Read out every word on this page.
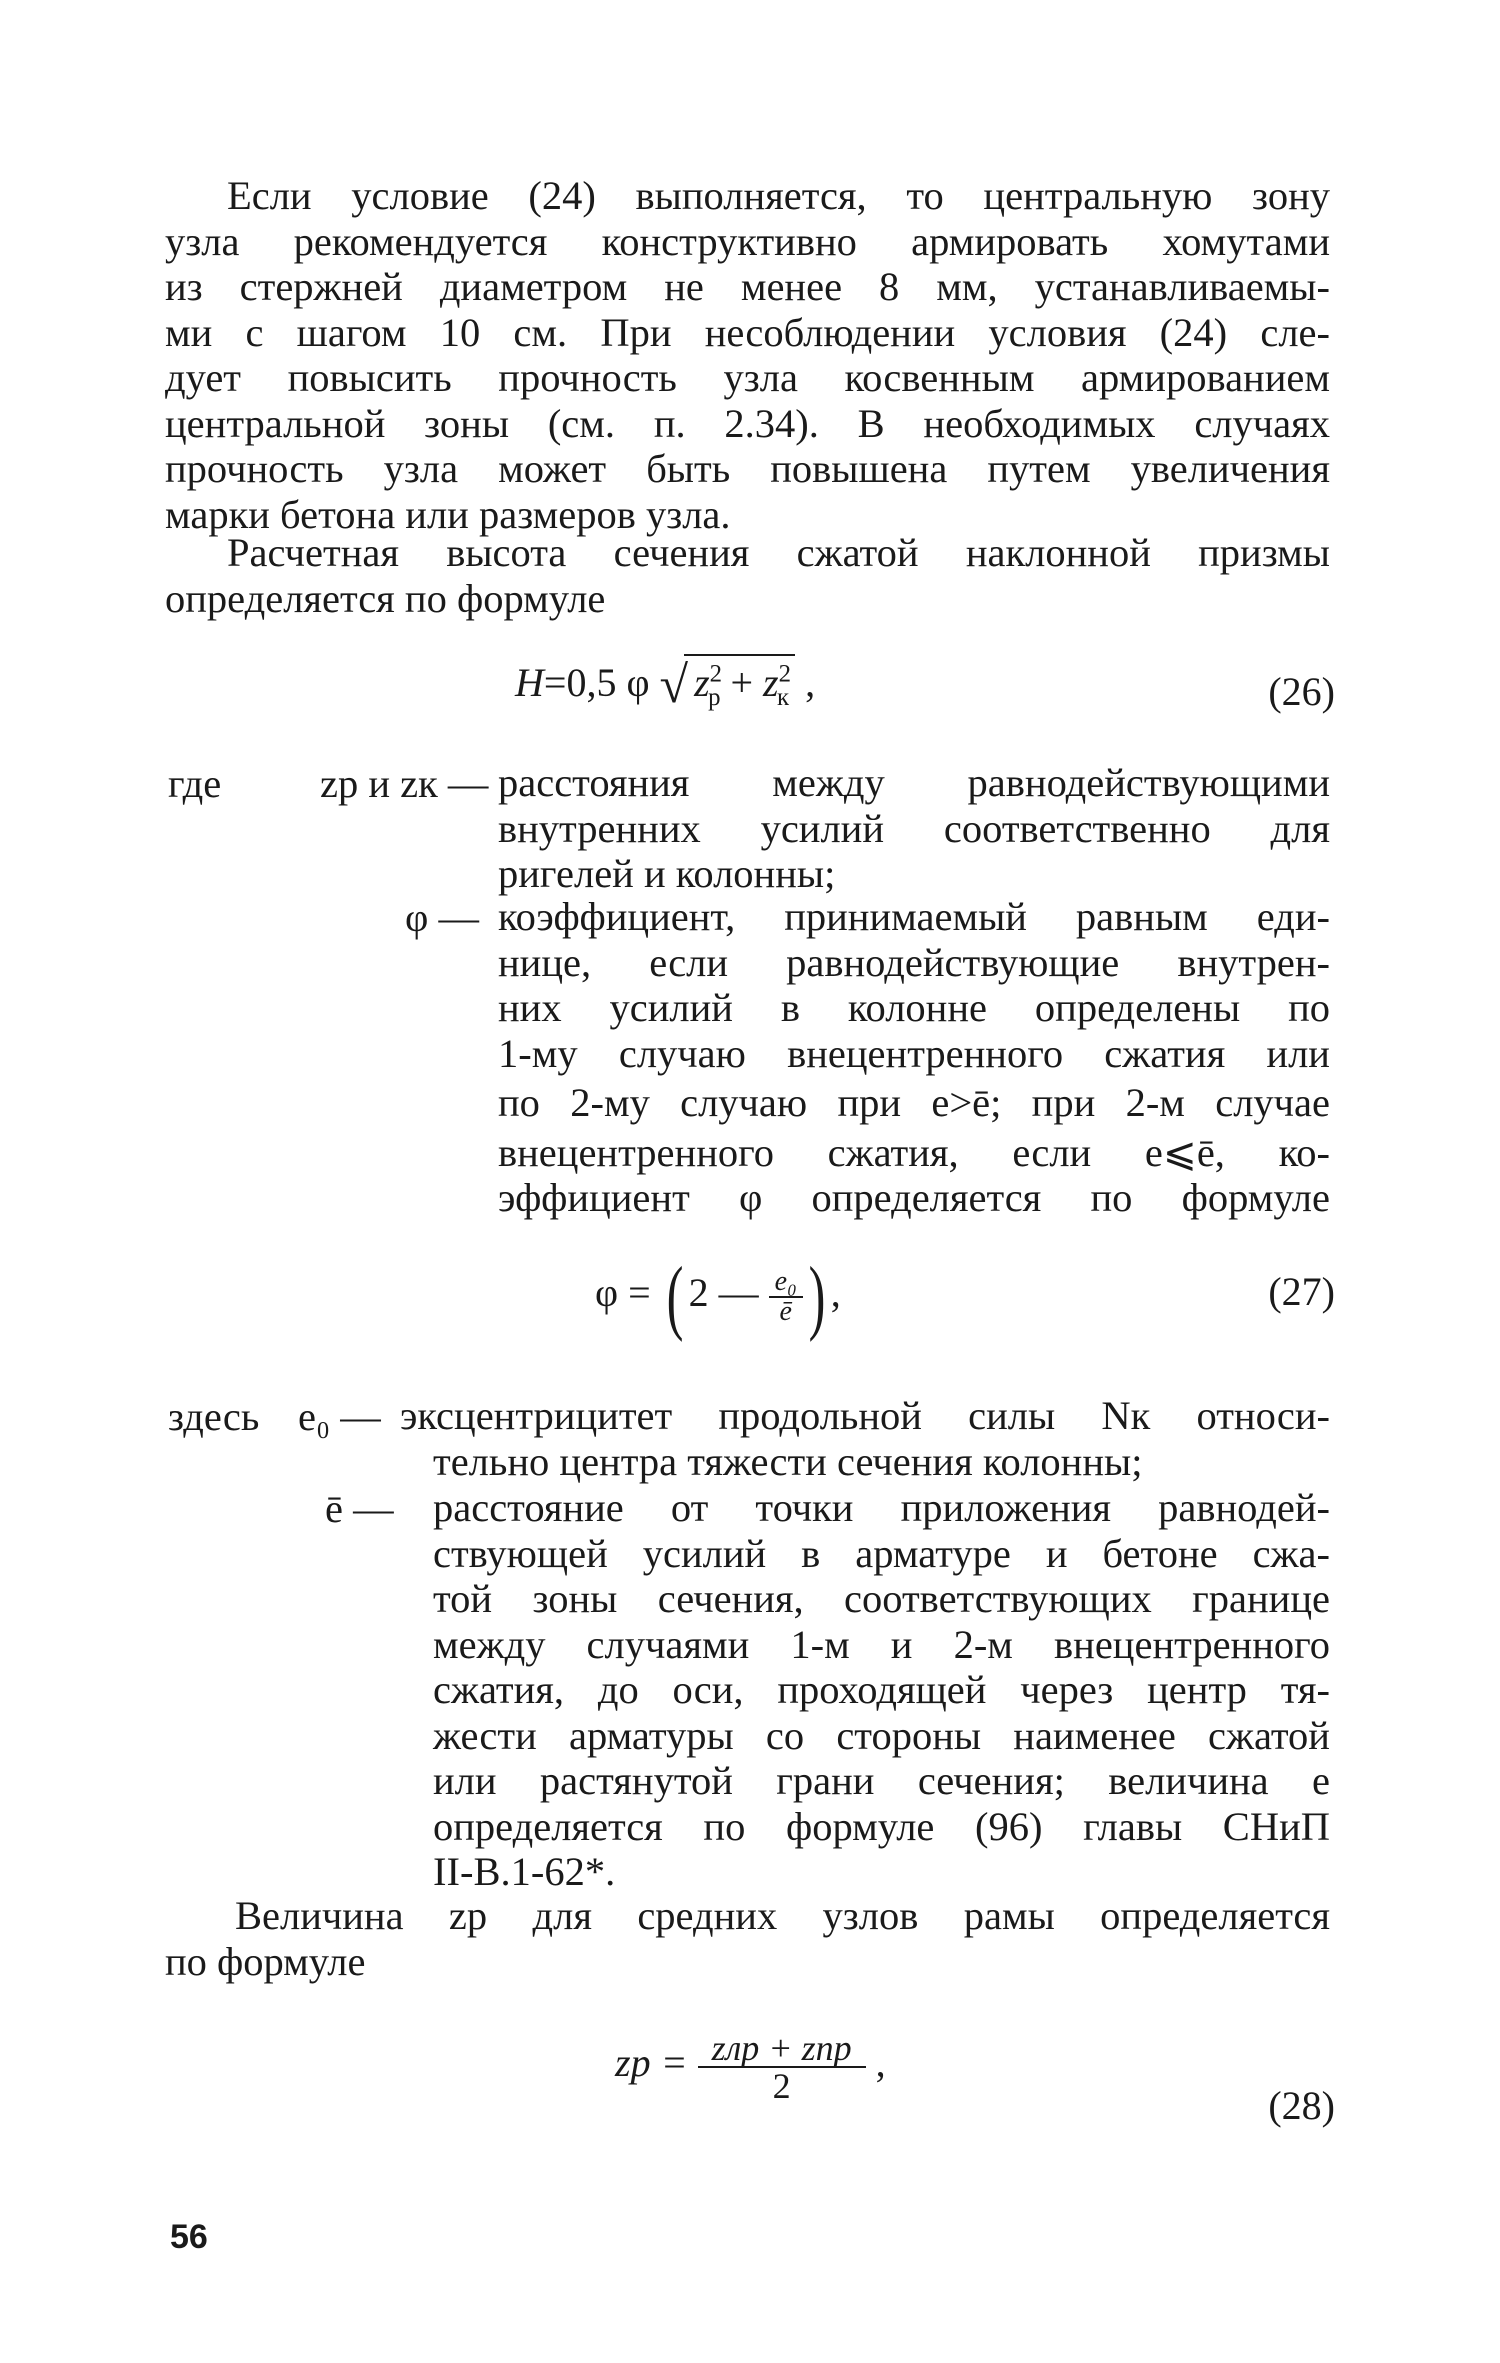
Если условие (24) выполняется, то центральную зону
узла рекомендуется конструктивно армировать хомутами
из стержней диаметром не менее 8 мм, устанавливаемы-
ми с шагом 10 см. При несоблюдении условия (24) сле-
дует повысить прочность узла косвенным армированием
центральной зоны (см. п. 2.34). В необходимых случаях
прочность узла может быть повышена путем увеличения
марки бетона или размеров узла.
Расчетная высота сечения сжатой наклонной призмы
определяется по формуле
H=0,5 φ √ $z^2_р + z^2_к$ ,	(26)
где zр и zк — расстояния между равнодействующими
внутренних усилий соответственно для
ригелей и колонны;
φ — коэффициент, принимаемый равным еди-
нице, если равнодействующие внутрен-
них усилий в колонне определены по
1-му случаю внецентренного сжатия или
по 2-му случаю при e>ē; при 2-м случае
внецентренного сжатия, если e⩽ē, ко-
эффициент φ определяется по формуле
φ = ( 2 — $\frac{\text{e₀}}{ē}$ ) ,	(27)
здесь e₀ — эксцентрицитет продольной силы Nк относи-
тельно центра тяжести сечения колонны;
ē — расстояние от точки приложения равнодей-
ствующей усилий в арматуре и бетоне сжа-
той зоны сечения, соответствующих границе
между случаями 1-м и 2-м внецентренного
сжатия, до оси, проходящей через центр тя-
жести арматуры со стороны наименее сжатой
или растянутой грани сечения; величина e
определяется по формуле (96) главы СНиП
II-В.1-62*.
Величина zр для средних узлов рамы определяется
по формуле
zр = $\frac{\text{zлр + zпр}}{2}$ ,
(28)
56
